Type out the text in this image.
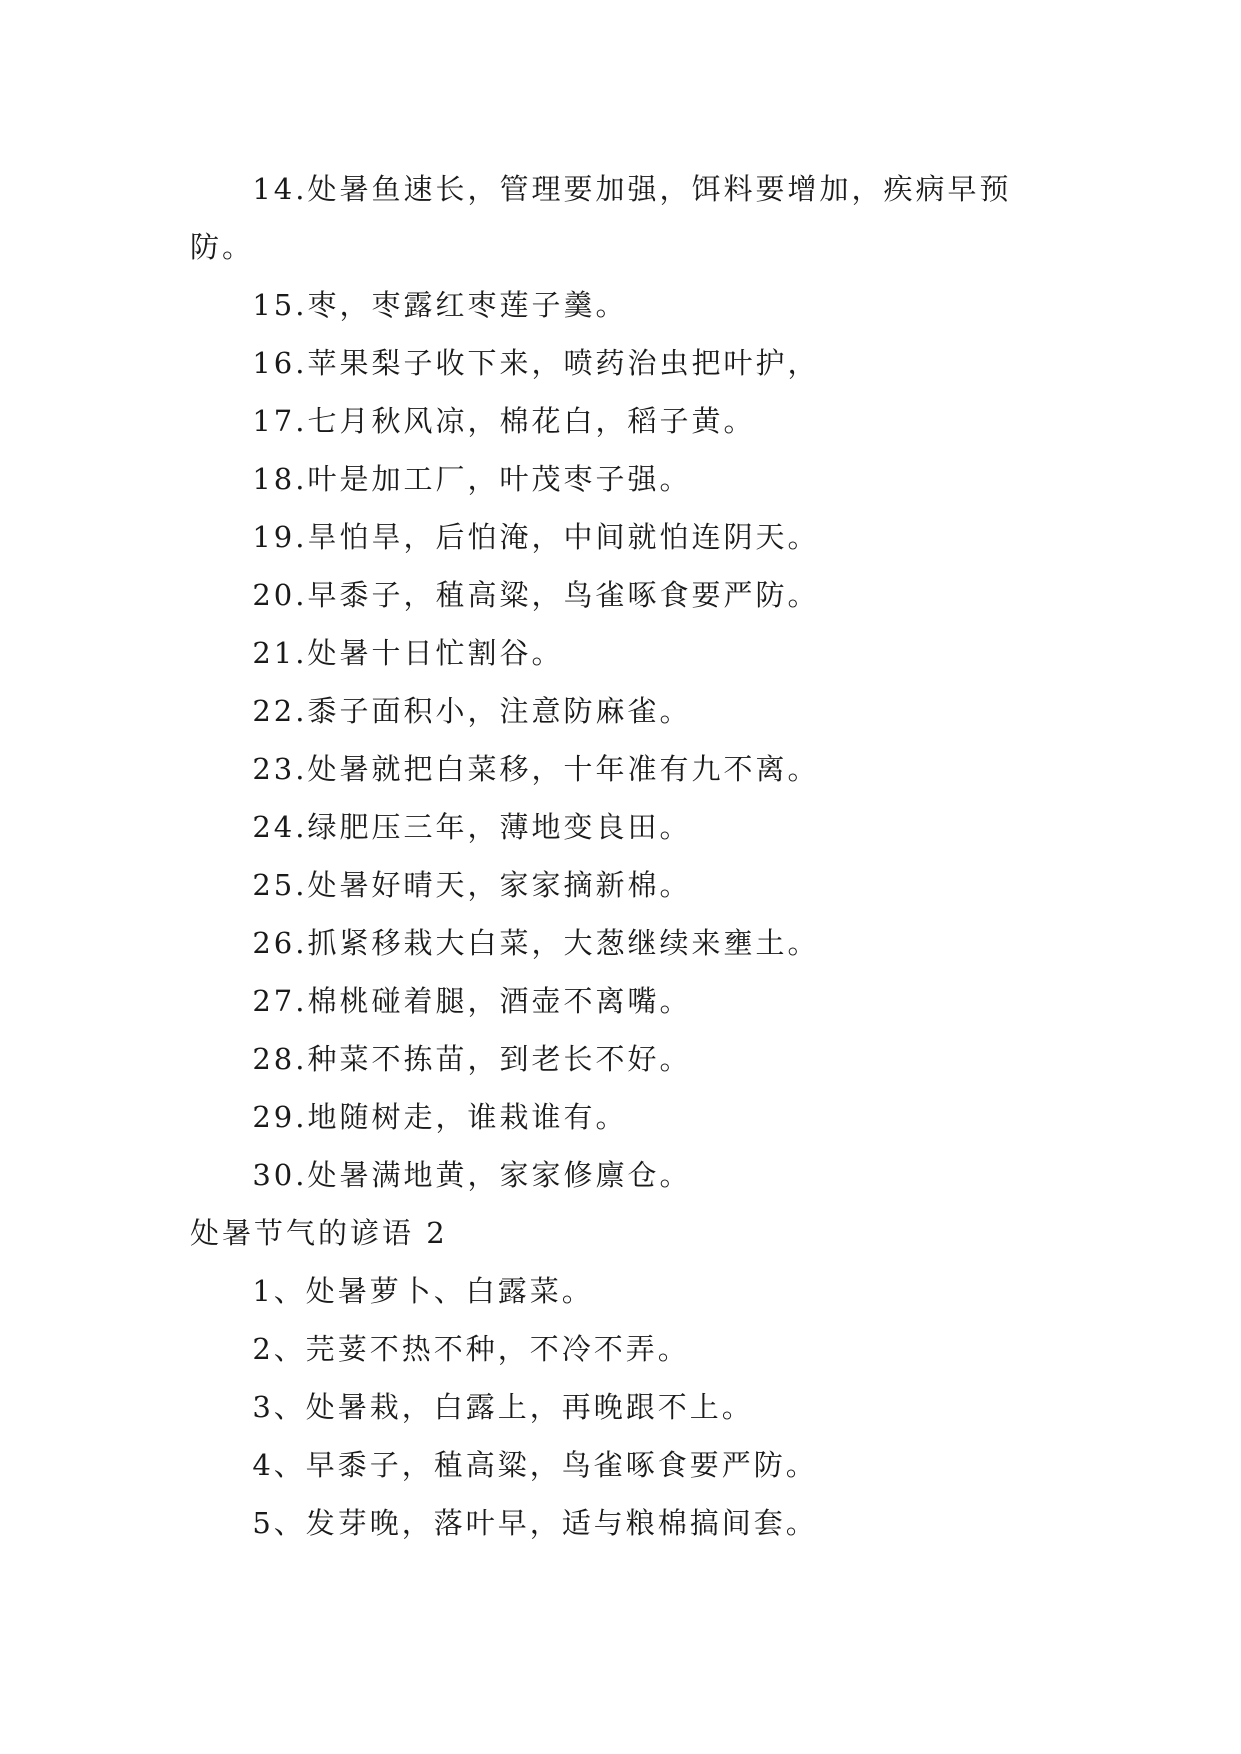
14.处暑鱼速长，管理要加强，饵料要增加，疾病早预防。

15.枣，枣露红枣莲子羹。

16.苹果梨子收下来，喷药治虫把叶护，

17.七月秋风凉，棉花白，稻子黄。

18.叶是加工厂，叶茂枣子强。

19.旱怕旱，后怕淹，中间就怕连阴天。

20.早黍子，稙高粱，鸟雀啄食要严防。

21.处暑十日忙割谷。

22.黍子面积小，注意防麻雀。

23.处暑就把白菜移，十年准有九不离。

24.绿肥压三年，薄地变良田。

25.处暑好晴天，家家摘新棉。

26.抓紧移栽大白菜，大葱继续来壅土。

27.棉桃碰着腿，酒壶不离嘴。

28.种菜不拣苗，到老长不好。

29.地随树走，谁栽谁有。

30.处暑满地黄，家家修廪仓。

处暑节气的谚语 2

1、处暑萝卜、白露菜。

2、芫荽不热不种，不冷不弄。

3、处暑栽，白露上，再晚跟不上。

4、早黍子，稙高粱，鸟雀啄食要严防。

5、发芽晚，落叶早，适与粮棉搞间套。
